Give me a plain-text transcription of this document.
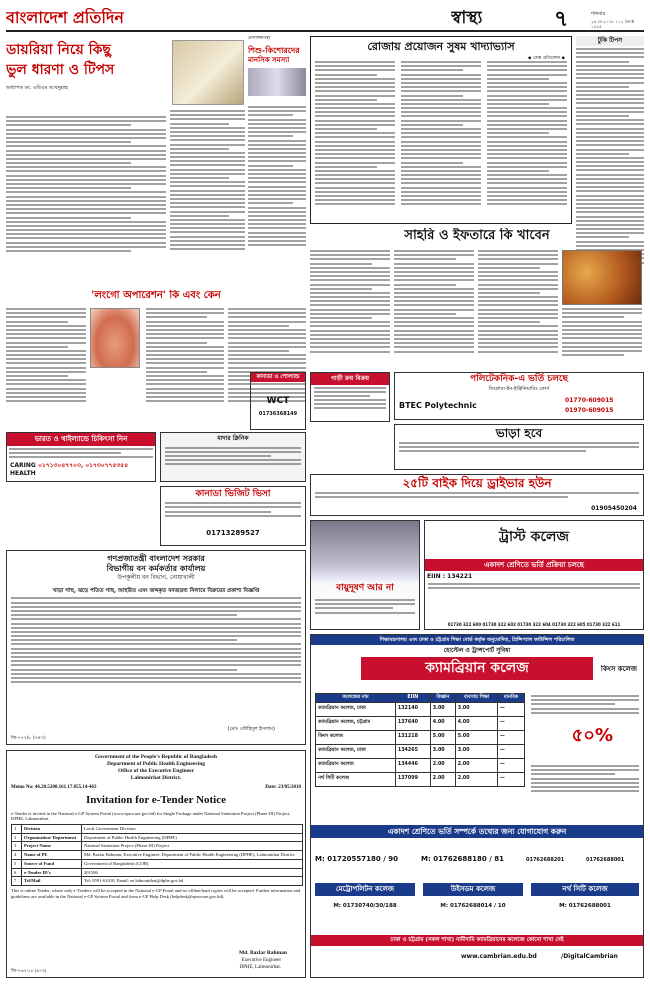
বাংলাদেশ প্রতিদিন	স্বাস্থ্য	৭	শনিবার
২৬ মে ২০১৮ । ১২ জ্যৈষ্ঠ ১৪২৫
ডায়রিয়া নিয়ে কিছু
ভুল ধারণা ও টিপস
অধ্যাপক ডা. এবিএম আবদুল্লাহ
প্রাসঙ্গিকপন্থা
শিশু-কিশোরদের
মানসিক সমস্যা
রোজায় প্রয়োজন সুষম খাদ্যাভ্যাস
◆ ডেস্ক প্রতিবেদন ◆
টুকি টিপস
সাহরি ও ইফতারে কি খাবেন
'লংগো অপারেশন' কি এবং কেন
ভারত ও থাইল্যান্ডে চিকিৎসা নিন
CARING ০১৭১৩০৪৭৭০৩, ০১৭৩০৭৭৫৩৫৪
HEALTH
মাদার ক্লিনিক
কানাডা ও পোল্যান্ড
WCT
01736368149
গাড়ী ক্রয় বিক্রয়	পলিটেকনিক-এ ভর্তি চলছে
ডিপ্লোমা-ইন-ইঞ্জিনিয়ারিং কোর্স
BTEC Polytechnic
01770-609015
01970-609015
কানাডা ভিজিট ভিসা
01713289527
ভাড়া হবে
২৫টি বাইক দিয়ে ড্রাইভার হউন
01905450204
বায়ুদূষণ আর না
ট্রাস্ট কলেজ
একাদশ শ্রেণিতে ভর্তি প্রক্রিয়া চলছে
EIIN : 134221
01730 322 600 01730 322 602 01730 322 604 01730 322 605 01730 322 611
গণপ্রজাতন্ত্রী বাংলাদেশ সরকার
বিভাগীয় বন কর্মকর্তার কার্যালয়
উপকূলীয় বন বিভাগ, নোয়াখালী
খাড়া গাছ, ঝড়ে পতিত গাছ, আহরিত এবং জব্দকৃত বনজদ্রব্য নিলামে বিক্রয়ের প্রকাশ্য বিজ্ঞপ্তি
(মোঃ তৌহিদুল ইসলাম)
জি-৭৭৭/৮ (৩×৩)
Government of the People's Republic of Bangladesh
Department of Public Health Engineering
Office of the Executive Engineer
Lalmonirhat District.
Memo No: 46.20.5200.161.17.055.14-463	Date: 23/05/2018
Invitation for e-Tender Notice
e-Tender is invited in the National e-GP System Portal (www.eprocure.gov.bd) for Single Package under National Sanitation Project (Phase-III) Project, DPHE, Lalmonirhat.
1	Division	Local Government Division
2	Organization/ Department	Department of Public Health Engineering (DPHE)
3	Project Name	National Sanitation Project (Phase-III) Project
4	Name of PE	Md. Bazlar Rahman, Executive Engineer, Department of Public Health Engineering (DPHE), Lalmonirhat District.
5	Source of Fund	Government of Bangladesh (GOB)
6	e-Tender ID's	201586
7	Tel/Mail	Tel: 0591-61410, Email: ee.lalmonirhat@dphe.gov.bd
This is online Tender, where only e-Tenders will be accepted in the National e-GP Portal and no offline/hard copies will be accepted. Further information and guidelines are available in the National e-GP System Portal and from e-GP Help Desk (helpdesk@eprocure.gov.bd).
Md. Bazlar Rahman
Executive Engineer
DPHE, Lalmonirhat.
জি-৭৬৭/১৮ (৪×৩)
শিক্ষামন্ত্রণালয় এবং ঢাকা ও চট্টগ্রাম শিক্ষা বোর্ড কর্তৃক অনুমোদিত, প্রিন্সিপ্যাল কাউন্সিল পরিচালিত
হোস্টেল ও ট্রান্সপোর্ট সুবিধা
ক্যামব্রিয়ান কলেজ	কিংস কলেজ
কলেজের নাম	EIIN	বিজ্ঞান	ব্যবসায় শিক্ষা	মানবিক
ক্যামব্রিয়ান কলেজ, ঢাকা	132140	3.00	3.00	—
ক্যামব্রিয়ান কলেজ, চট্টগ্রাম	137640	4.00	4.00	—
কিংস কলেজ	131218	5.00	5.00	—
ক্যামব্রিয়ান কলেজ, ঢাকা	134265	3.00	3.00	—
ক্যামব্রিয়ান কলেজ	134446	2.00	2.00	—
নর্থ সিটি কলেজ	137099	2.00	2.00	—
৫০%
একাদশ শ্রেণিতে ভর্তি সম্পর্কে তথ্যের জন্য যোগাযোগ করুন
M: 01720557180 / 90	M: 01762688180 / 81	01762688201	01762688001
মেট্রোপলিটন কলেজ
M: 01730740/30/188
উইসডম কলেজ
M: 01762688014 / 10
নর্থ সিটি কলেজ
M: 01762688001
ঢাকা ও চট্টগ্রাম (সকল শাখা) নামীদামি ক্যামব্রিয়ানের কলেজে কোনো শাখা নেই
www.cambrian.edu.bd	/DigitalCambrian
